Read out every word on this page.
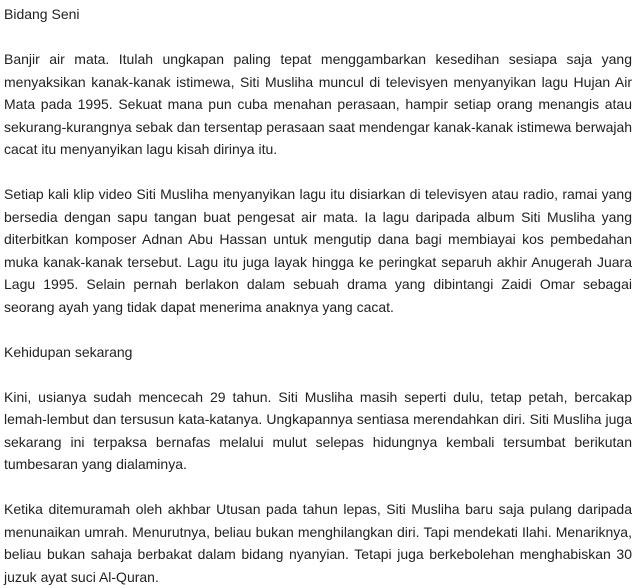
Bidang Seni
Banjir air mata. Itulah ungkapan paling tepat menggambarkan kesedihan sesiapa saja yang
menyaksikan kanak-kanak istimewa, Siti Musliha muncul di televisyen menyanyikan lagu Hujan Air
Mata pada 1995. Sekuat mana pun cuba menahan perasaan, hampir setiap orang menangis atau
sekurang-kurangnya sebak dan tersentap perasaan saat mendengar kanak-kanak istimewa berwajah
cacat itu menyanyikan lagu kisah dirinya itu.
Setiap kali klip video Siti Musliha menyanyikan lagu itu disiarkan di televisyen atau radio, ramai yang
bersedia dengan sapu tangan buat pengesat air mata. Ia lagu daripada album Siti Musliha yang
diterbitkan komposer Adnan Abu Hassan untuk mengutip dana bagi membiayai kos pembedahan
muka kanak-kanak tersebut. Lagu itu juga layak hingga ke peringkat separuh akhir Anugerah Juara
Lagu 1995. Selain pernah berlakon dalam sebuah drama yang dibintangi Zaidi Omar sebagai
seorang ayah yang tidak dapat menerima anaknya yang cacat.
Kehidupan sekarang
Kini, usianya sudah mencecah 29 tahun. Siti Musliha masih seperti dulu, tetap petah, bercakap
lemah-lembut dan tersusun kata-katanya. Ungkapannya sentiasa merendahkan diri. Siti Musliha juga
sekarang ini terpaksa bernafas melalui mulut selepas hidungnya kembali tersumbat berikutan
tumbesaran yang dialaminya.
Ketika ditemuramah oleh akhbar Utusan pada tahun lepas, Siti Musliha baru saja pulang daripada
menunaikan umrah. Menurutnya, beliau bukan menghilangkan diri. Tapi mendekati Ilahi. Menariknya,
beliau bukan sahaja berbakat dalam bidang nyanyian. Tetapi juga berkebolehan menghabiskan 30
juzuk ayat suci Al-Quran.
